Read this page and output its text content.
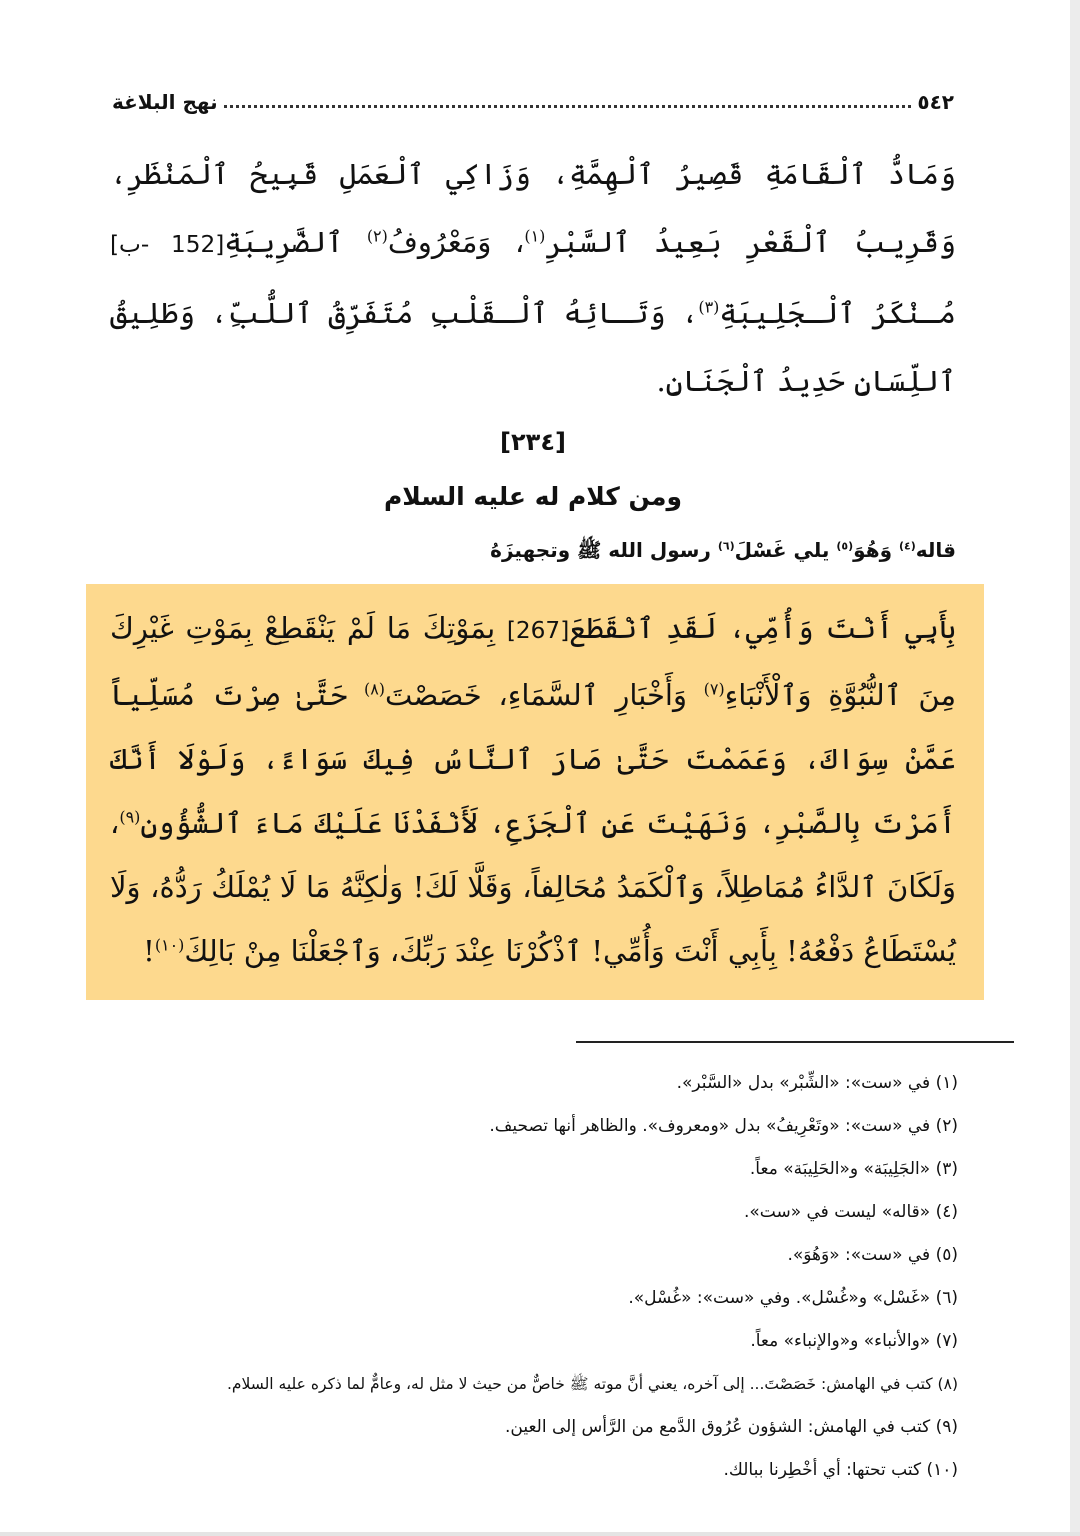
٥٤٢
نهج البلاغة

وَمَادُّ ٱلْقَامَةِ قَصِيرُ ٱلْهِمَّةِ، وَزَاكِي ٱلْعَمَلِ قَبِيحُ ٱلْمَنْظَرِ، وَقَرِيبُ ٱلْقَعْرِ بَعِيدُ ٱلسَّبْرِ$^{(١)}$، وَمَعْرُوفُ$^{(٢)}$ ٱلضَّرِيبَةِ[152 -ب] مُـنْكَرُ ٱلْـجَلِيبَةِ$^{(٣)}$، وَتَـائِهُ ٱلْـقَلْبِ مُتَفَرِّقُ ٱللُّبِّ، وَطَلِيقُ ٱللِّسَانِ حَدِيدُ ٱلْجَنَانِ.

[٢٣٤]
ومن كلام له عليه السلام
قاله$^{(٤)}$ وَهُوَ$^{(٥)}$ يلي غَسْلَ$^{(٦)}$ رسول الله ﷺ وتجهيزَهُ

بِأَبِي أَنْتَ وَأُمِّي، لَقَدِ ٱنْقَطَعَ[267] بِمَوْتِكَ مَا لَمْ يَنْقَطِعْ بِمَوْتِ غَيْرِكَ مِنَ ٱلنُّبُوَّةِ وَٱلْأَنْبَاءِ$^{(٧)}$ وَأَخْبَارِ ٱلسَّمَاءِ، خَصَصْتَ$^{(٨)}$ حَتَّىٰ صِرْتَ مُسَلِّياً عَمَّنْ سِوَاكَ، وَعَمَمْتَ حَتَّىٰ صَارَ ٱلنَّاسُ فِيكَ سَوَاءً، وَلَوْلَا أَنَّكَ أَمَرْتَ بِالصَّبْرِ، وَنَهَيْتَ عَنِ ٱلْجَزَعِ، لَأَنْفَدْنَا عَلَيْكَ مَاءَ ٱلشُّؤُونِ$^{(٩)}$، وَلَكَانَ ٱلدَّاءُ مُمَاطِلاً، وَٱلْكَمَدُ مُحَالِفاً، وَقَلَّا لَكَ! وَلٰكِنَّهُ مَا لَا يُمْلَكُ رَدُّهُ، وَلَا يُسْتَطَاعُ دَفْعُهُ! بِأَبِي أَنْتَ وَأُمِّي! ٱذْكُرْنَا عِنْدَ رَبِّكَ، وَٱجْعَلْنَا مِنْ بَالِكَ$^{(١٠)}$!

(١) في «ست»: «الشِّبْر» بدل «السَّبْر».
(٢) في «ست»: «وتَعْرِيفُ» بدل «ومعروف». والظاهر أنها تصحيف.
(٣) «الجَلِيبَة» و«الحَلِيبَة» معاً.
(٤) «قاله» ليست في «ست».
(٥) في «ست»: «وَهُوَ».
(٦) «غَسْل» و«غُسْل». وفي «ست»: «غُسْل».
(٧) «والأنباء» و«والإنباء» معاً.
(٨) كتب في الهامش: خَصَصْتَ... إلى آخره، يعني أنَّ موته ﷺ خاصٌّ من حيث لا مثل له، وعامٌّ لما ذكره عليه السلام.
(٩) كتب في الهامش: الشؤون عُرُوق الدَّمع من الرَّأس إلى العين.
(١٠) كتب تحتها: أي أخْطِرنا ببالك.
